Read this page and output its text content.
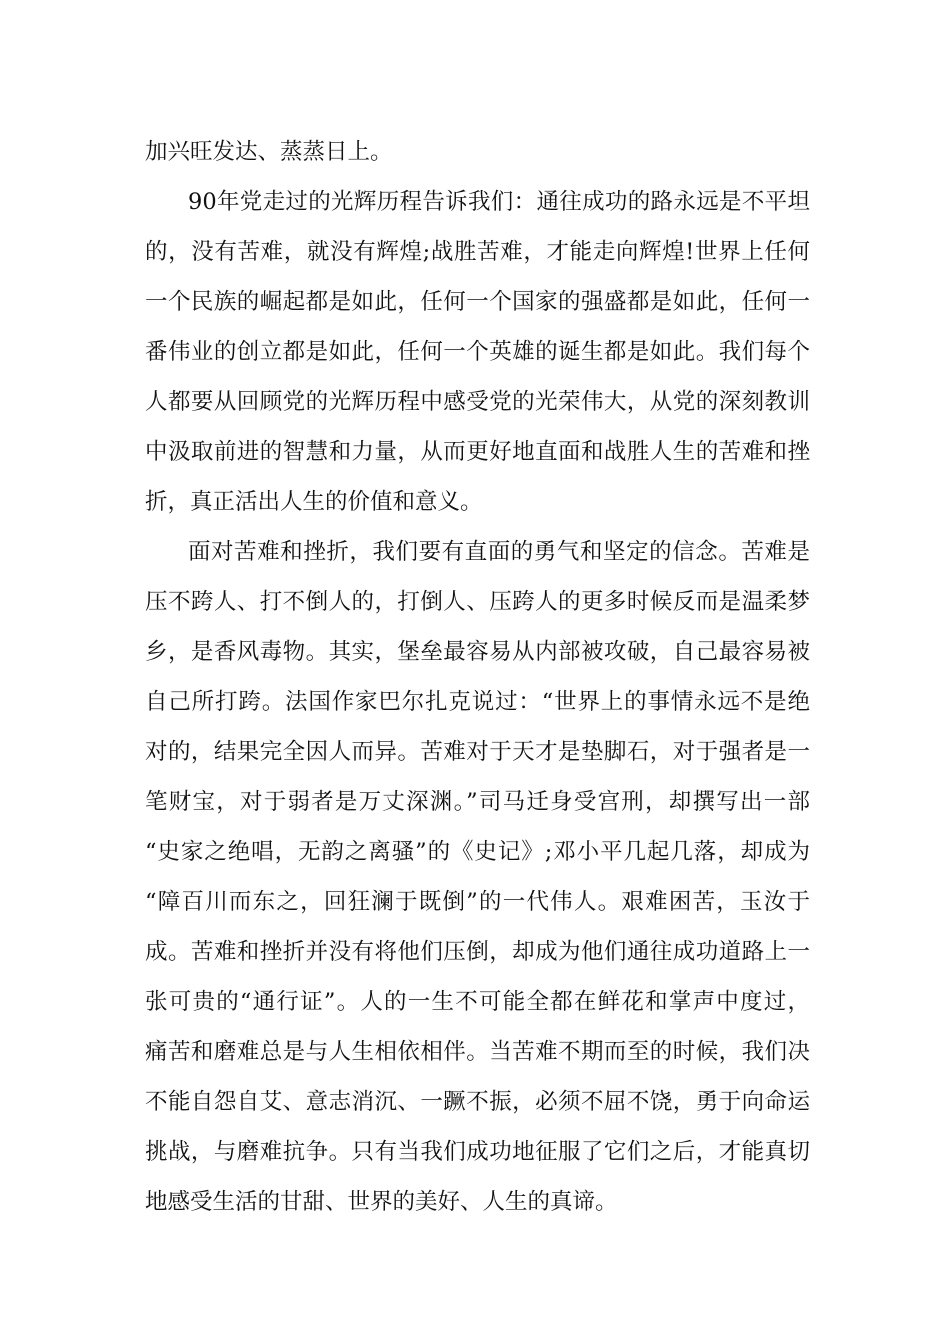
加兴旺发达、蒸蒸日上。
90年党走过的光辉历程告诉我们：通往成功的路永远是不平坦
的，没有苦难，就没有辉煌;战胜苦难，才能走向辉煌!世界上任何
一个民族的崛起都是如此，任何一个国家的强盛都是如此，任何一
番伟业的创立都是如此，任何一个英雄的诞生都是如此。我们每个
人都要从回顾党的光辉历程中感受党的光荣伟大，从党的深刻教训
中汲取前进的智慧和力量，从而更好地直面和战胜人生的苦难和挫
折，真正活出人生的价值和意义。
面对苦难和挫折，我们要有直面的勇气和坚定的信念。苦难是
压不跨人、打不倒人的，打倒人、压跨人的更多时候反而是温柔梦
乡，是香风毒物。其实，堡垒最容易从内部被攻破，自己最容易被
自己所打跨。法国作家巴尔扎克说过：“世界上的事情永远不是绝
对的，结果完全因人而异。苦难对于天才是垫脚石，对于强者是一
笔财宝，对于弱者是万丈深渊。”司马迁身受宫刑，却撰写出一部
“史家之绝唱，无韵之离骚”的《史记》;邓小平几起几落，却成为
“障百川而东之，回狂澜于既倒”的一代伟人。艰难困苦，玉汝于
成。苦难和挫折并没有将他们压倒，却成为他们通往成功道路上一
张可贵的“通行证”。人的一生不可能全都在鲜花和掌声中度过，
痛苦和磨难总是与人生相依相伴。当苦难不期而至的时候，我们决
不能自怨自艾、意志消沉、一蹶不振，必须不屈不饶，勇于向命运
挑战，与磨难抗争。只有当我们成功地征服了它们之后，才能真切
地感受生活的甘甜、世界的美好、人生的真谛。
